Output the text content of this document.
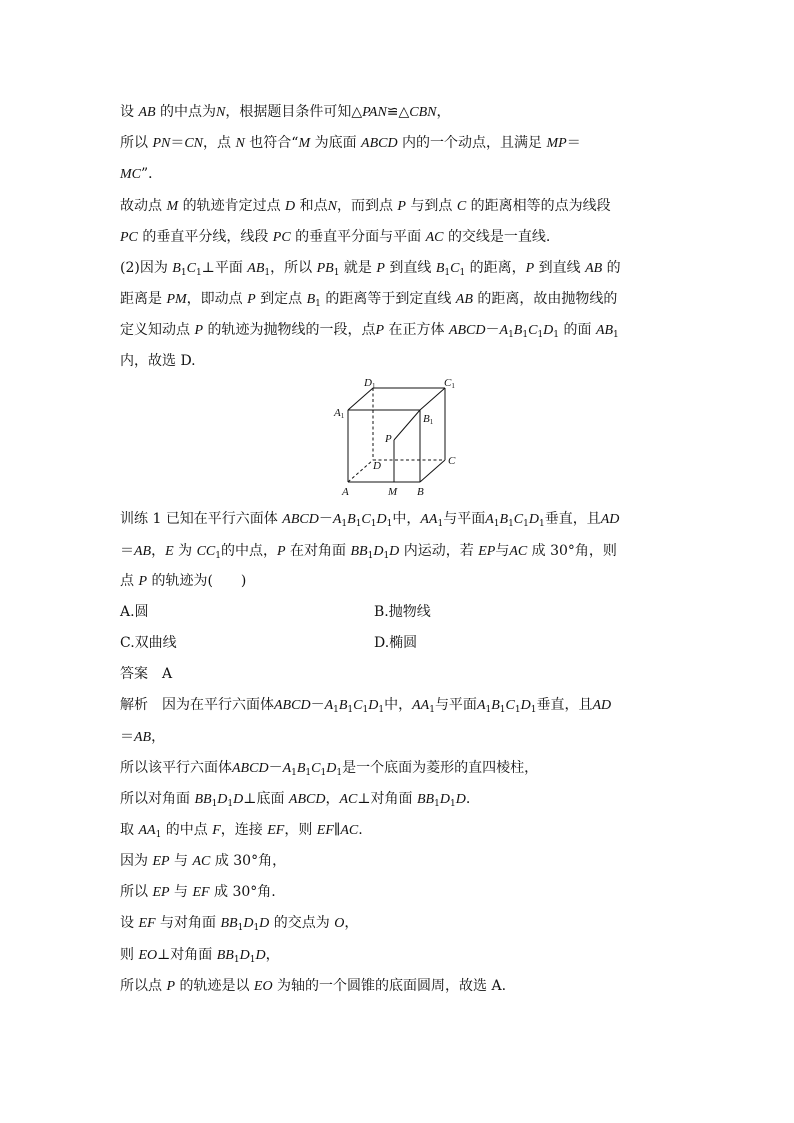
设 AB 的中点为N，根据题目条件可知△PAN≌△CBN，
所以 PN＝CN，点 N 也符合“M 为底面 ABCD 内的一个动点，且满足 MP＝
MC”．
故动点 M 的轨迹肯定过点 D 和点N，而到点 P 与到点 C 的距离相等的点为线段
PC 的垂直平分线，线段 PC 的垂直平分面与平面 AC 的交线是一直线.
(2)因为 $B_1C_1\perp$平面 $AB_1$，所以 $PB_1$ 就是 P 到直线 $B_1C_1$ 的距离，P 到直线 AB 的
距离是 PM，即动点 P 到定点 $B_1$ 的距离等于到定直线 AB 的距离，故由抛物线的
定义知动点 P 的轨迹为抛物线的一段，点P 在正方体 $ABCD-A_1B_1C_1D_1$ 的面 $AB_1$
内，故选 D.
D1	C1
A1	B1
P
D	C
A	M B
训练 1 已知在平行六面体 $ABCD-A_1B_1C_1D_1$中，$AA_1$与平面$A_1B_1C_1D_1$垂直，且AD
＝AB，E 为 $CC_1$的中点，P 在对角面 $BB_1D_1D$ 内运动，若 EP与AC 成 30°角，则
点 P 的轨迹为(　　)
A.圆	B.抛物线
C.双曲线	D.椭圆
答案　 A
解析　 因为在平行六面体$ABCD-A_1B_1C_1D_1$中，$AA_1$与平面$A_1B_1C_1D_1$垂直，且AD
＝AB，
所以该平行六面体$ABCD-A_1B_1C_1D_1$是一个底面为菱形的直四棱柱，
所以对角面 $BB_1D_1D\perp$底面 ABCD，AC⊥对角面 $BB_1D_1D$.
取 $AA_1$ 的中点 F，连接 EF，则 EF∥AC.
因为 EP 与 AC 成 30°角，
所以 EP 与 EF 成 30°角.
设 EF 与对角面 $BB_1D_1D$ 的交点为 O，
则 EO⊥对角面 $BB_1D_1D$，
所以点 P 的轨迹是以 EO 为轴的一个圆锥的底面圆周，故选 A.
